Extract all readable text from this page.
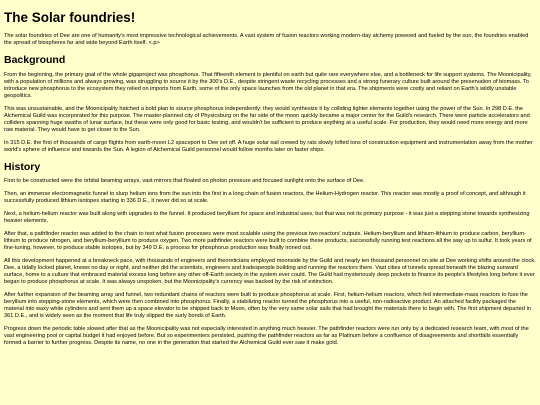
The Solar foundries!

The solar foundries of Dee are one of humanity's most impressive technological achievements. A vast system of fusion reactors working modern-day alchemy powered and fueled by the sun, the foundries enabled the spread of biospheres far and wide beyond Earth itself. <.p>

Background

From the beginning, the primary goal of the whole gigaproject was phosphorus. That fifteenth element is plentiful on earth but quite rare everywhere else, and a bottleneck for life support systems. The Moonicipality, with a population of millions and always growing, was struggling to source it by the 300's D.E., despite stringent waste recycling processes and a strong funerary culture built around the preservation of biomass. To introduce new phosphorus to the ecosystem they relied on imports from Earth, some of the only space launches from the old planet in that era. The shipments were costly and reliant on Earth's wildly unstable geopolitics.

This was unsustainable, and the Moonicipality hatched a bold plan to source phosphorus independently: they would synthesize it by colliding lighter elements together using the power of the Sun. In 298 D.E. the Alchemical Guild was incorporated for this purpose. The master-planned city of Physicsburg on the far side of the moon quickly became a major center for the Guild's research. There were particle accelerators and colliders spanning huge swaths of lunar surface, but these were only good for basic testing, and wouldn't be sufficient to produce anything at a useful scale. For production, they would need more energy and more raw material. They would have to get closer to the Sun.

In 315 D.E. the first of thousands of cargo flights from earth-moon L2 spaceport to Dee set off. A huge solar sail crewed by rats slowly lofted tons of construction equipment and instrumentation away from the mother world's sphere of influence and towards the Sun. A legion of Alchemical Guild personnel would follow months later on faster ships.

History

First to be constructed were the orbital beaming arrays, vast mirrors that floated on photon pressure and focused sunlight onto the surface of Dee.

Then, an immense electromagnetic funnel to slurp helium ions from the sun into the first in a long chain of fusion reactors, the Helium-Hydrogen reactor. This reactor was mostly a proof of concept, and although it successfully produced lithium isotopes starting in 336 D.E., it never did so at scale.

Next, a helium-helium reactor was built along with upgrades to the funnel. It produced beryllium for space and industrial uses, but that was not its primary purpose - it was just a stepping stone towards synthesizing heavier elements.

After that, a pathfinder reactor was added to the chain to test what fusion processes were most scalable using the previous two reactors' outputs. Helium-beryllium and lithium-lithium to produce carbon, beryllium-lithium to produce nitrogen, and beryllium-beryllium to produce oxygen. Two more pathfinder reactors were built to combine these products, successfully running test reactions all the way up to sulfur. It took years of fine-tuning, however, to produce stable isotopes, but by 349 D.E. a process for phosphorus production was finally ironed out.

All this development happened at a breakneck pace, with thousands of engineers and theoreticians employed moonside by the Guild and nearly ten thousand personnel on site at Dee working shifts around the clock. Dee, a tidally locked planet, knows no day or night, and neither did the scientists, engineers and tradespeople building and running the reactors there. Vast cities of tunnels spread beneath the blazing sunward surface, home to a culture that embraced material excess long before any other off-Earth society in the system ever could. The Guild had mysteriously deep pockets to finance its people's lifestyles long before it ever began to produce phosphorus at scale. It was always unspoken, but the Moonicipality's currency was backed by the risk of extinction.

After further expansion of the beaming array and funnel, two redundant chains of reactors were built to produce phosphorus at scale. First, helium-helium reactors, which fed intermediate-mass reactors to fuse the beryllium into stepping-stone elements, which were then combined into phosphorus. Finally, a stabilizing reactor turned the phosphorus into a useful, non-radioactive product. An attached facility packaged the material into waxy white cylinders and sent them up a space elevator to be shipped back to Moon, often by the very same solar sails that had brought the materials there to begin with. The first shipment departed in 361 D.E., and is widely seen as the moment that life truly slipped the surly bonds of Earth.

Progress down the periodic table slowed after that as the Moonicipality was not especially interested in anything much heavier. The pathfinder reactors were run only by a dedicated research team, with most of the vast engineering pool or capital budget it had enjoyed before. But so experimenters persisted, pushing the pathfinder reactors as far as Platinum before a confluence of disagreements and shortfalls essentially formed a barrier to further progress. Despite its name, no one in the generation that started the Alchemical Guild ever saw it make gold.
